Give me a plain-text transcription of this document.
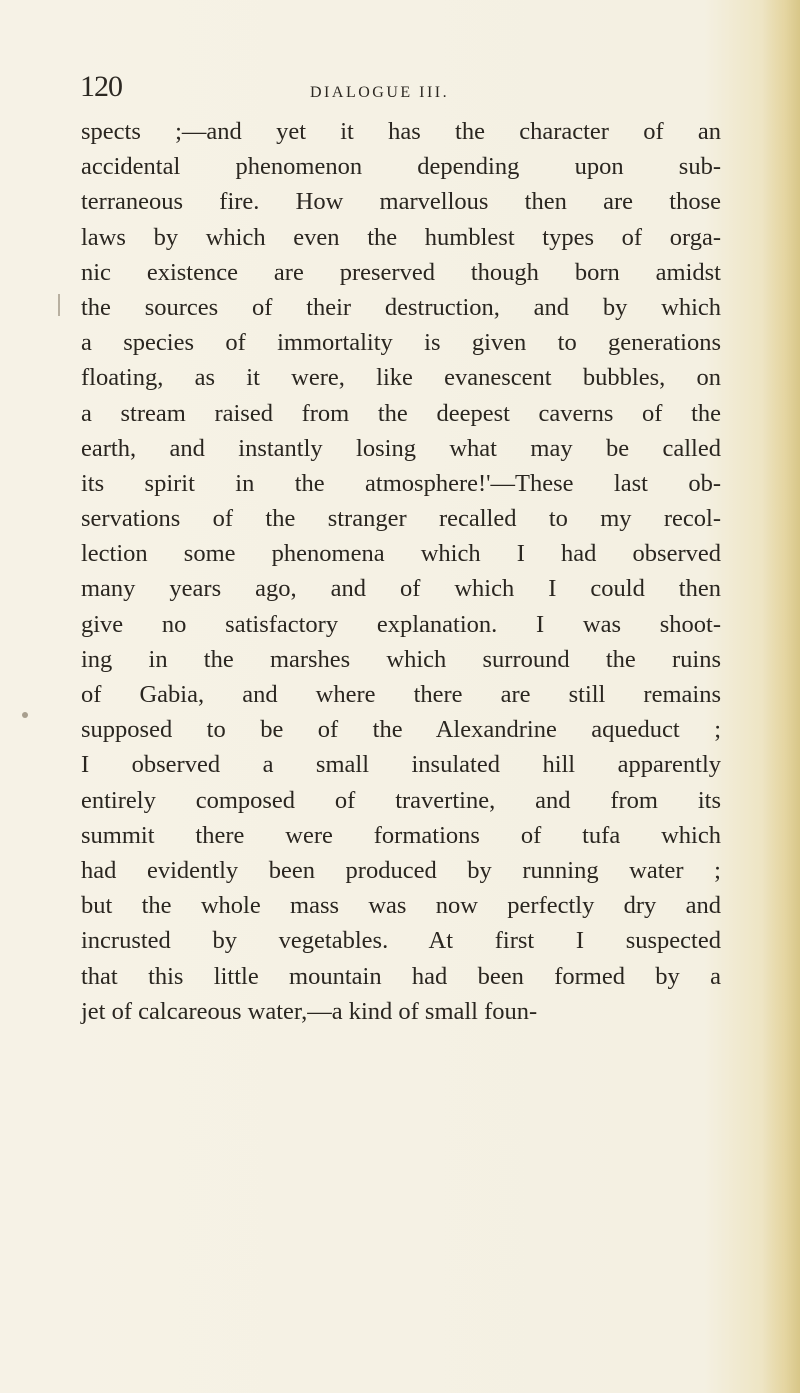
120	DIALOGUE III.
spects ;—and yet it has the character of an
accidental phenomenon depending upon sub-
terraneous fire. How marvellous then are those
laws by which even the humblest types of orga-
nic existence are preserved though born amidst
the sources of their destruction, and by which
a species of immortality is given to generations
floating, as it were, like evanescent bubbles, on
a stream raised from the deepest caverns of the
earth, and instantly losing what may be called
its spirit in the atmosphere!'—These last ob-
servations of the stranger recalled to my recol-
lection some phenomena which I had observed
many years ago, and of which I could then
give no satisfactory explanation. I was shoot-
ing in the marshes which surround the ruins
of Gabia, and where there are still remains
supposed to be of the Alexandrine aqueduct ;
I observed a small insulated hill apparently
entirely composed of travertine, and from its
summit there were formations of tufa which
had evidently been produced by running water ;
but the whole mass was now perfectly dry and
incrusted by vegetables. At first I suspected
that this little mountain had been formed by a
jet of calcareous water,—a kind of small foun-
